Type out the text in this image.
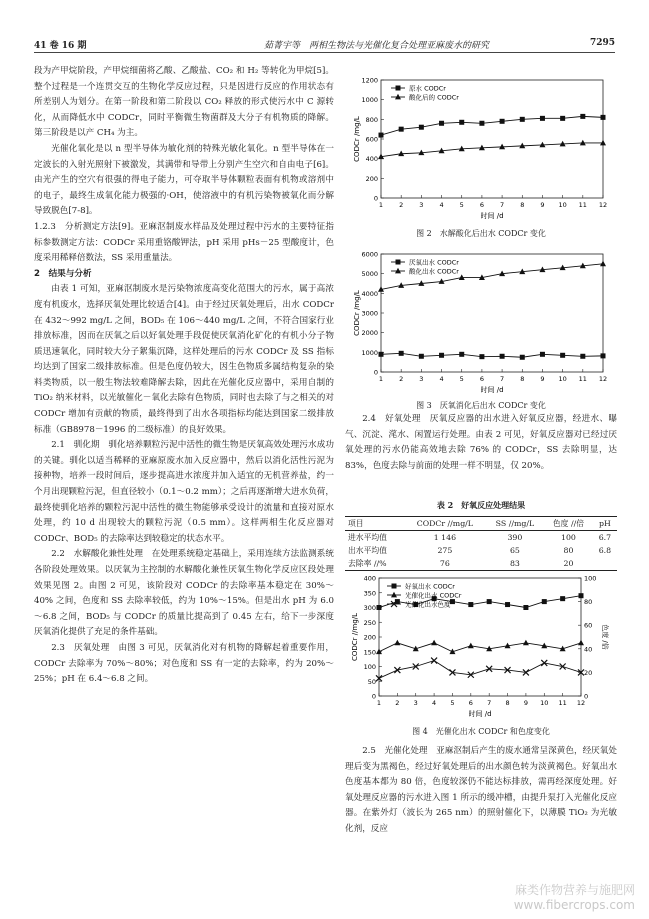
41 卷 16 期	茹菁宇等　两相生物法与光催化复合处理亚麻废水的研究	7295

段为产甲烷阶段，产甲烷细菌将乙酸、乙酸盐、CO₂ 和 H₂ 等转化为甲烷[5]。整个过程是一个连贯交互的生物化学反应过程，只是因进行反应的作用状态有所差别人为划分。在第一阶段和第二阶段以 CO₂ 释放的形式使污水中 C 源转化，从而降低水中 CODCr，同时平衡微生物菌群及大分子有机物质的降解。第三阶段是以产 CH₄ 为主。

光催化氧化是以 n 型半导体为敏化剂的特殊光敏化氧化。n 型半导体在一定波长的入射光照射下被激发，其满带和导带上分别产生空穴和自由电子[6]。由光产生的空穴有很强的得电子能力，可夺取半导体颗粒表面有机物或溶剂中的电子，最终生成氧化能力极强的·OH，使溶液中的有机污染物被氧化而分解导致脱色[7-8]。

1.2.3　分析测定方法[9]。亚麻沤制废水样品及处理过程中污水的主要特征指标参数测定方法：CODCr 采用重铬酸钾法，pH 采用 pHs－25 型酸度计，色度采用稀释倍数法，SS 采用重量法。

2　结果与分析

由表 1 可知，亚麻沤制废水是污染物浓度高变化范围大的污水，属于高浓度有机废水，选择厌氧处理比较适合[4]。由于经过厌氧处理后，出水 CODCr 在 432～992 mg/L 之间，BOD₅ 在 106～440 mg/L 之间，不符合国家行业排放标准，因而在厌氧之后以好氧处理手段促使厌氧消化矿化的有机小分子物质迅速氧化，同时较大分子絮集沉降，这样处理后的污水 CODCr 及 SS 指标均达到了国家二级排放标准。但是色度仍较大，因生色物质多属结构复杂的染料类物质，以一般生物法较难降解去除，因此在光催化反应器中，采用自制的 TiO₂ 纳米材料，以光敏催化－氧化去除有色物质，同时也去除了与之相关的对 CODCr 增加有贡献的物质，最终得到了出水各项指标均能达到国家二级排放标准（GB8978－1996 的二级标准）的良好效果。

2.1　驯化期　驯化培养颗粒污泥中活性的微生物是厌氧高效处理污水成功的关键。驯化以适当稀释的亚麻原废水加入反应器中，然后以消化活性污泥为接种物，培养一段时间后，逐步提高进水浓度并加入适宜的无机营养盐，约一个月出现颗粒污泥，但直径较小（0.1～0.2 mm）；之后再逐渐增大进水负荷，最终使驯化培养的颗粒污泥中活性的微生物能够承受设计的流量和直接对原水处理，约 10 d 出现较大的颗粒污泥（0.5 mm）。这样两相生化反应器对 CODCr、BOD₅ 的去除率达到较稳定的状态水平。

2.2　水解酸化兼性处理　在处理系统稳定基础上，采用连续方法监测系统各阶段处理效果。以厌氧为主控制的水解酸化兼性厌氧生物化学反应区段处理效果见图 2。由图 2 可见，该阶段对 CODCr 的去除率基本稳定在 30%～40% 之间，色度和 SS 去除率较低，约为 10%～15%。但是出水 pH 为 6.0～6.8 之间，BOD₅ 与 CODCr 的质量比提高到了 0.45 左右，给下一步深度厌氧消化提供了充足的条件基础。

2.3　厌氧处理　由图 3 可见，厌氧消化对有机物的降解起着重要作用，CODCr 去除率为 70%～80%；对色度和 SS 有一定的去除率，约为 20%～25%；pH 在 6.4～6.8 之间。

0
200
400
600
800
1000
1200
1 2 3 4 5 6 7 8 9 10 11 12
时间 /d
CODCr /mg/L
原水 CODCr
酸化后的 CODCr
图 2　水解酸化后出水 CODCr 变化
0
1000
2000
3000
4000
5000
6000
1 2 3 4 5 6 7 8 9 10 11 12
时间 /d
CODCr /mg/L
厌氧出水 CODCr
酸化出水 CODCr
图 3　厌氧消化后出水 CODCr 变化

2.4　好氧处理　厌氧反应器的出水进入好氧反应器，经进水、曝气、沉淀、滗水、闲置运行处理。由表 2 可见，好氧反应器对已经过厌氧处理的污水仍能高效地去除 76% 的 CODCr，SS 去除明显，达 83%，色度去除与前面的处理一样不明显，仅 20%。

表 2　好氧反应处理结果
项目	CODCr //mg/L	SS //mg/L	色度 //倍	pH
进水平均值	1 146	390	100	6.7
出水平均值	275	65	80	6.8
去除率 //%	76	83	20	
0
50
100
150
200
250
300
350
400
0
20
40
60
80
100
1 2 3 4 5 6 7 8 9 10 11 12
时间 /d
CODCr //mg/L	色度 /倍
好氧出水 CODCr
光催化出水 CODCr
光催化出水色度
图 4　光催化出水 CODCr 和色度变化

2.5　光催化处理　亚麻沤制后产生的废水通常呈深黄色，经厌氧处理后变为黑褐色，经过好氧处理后的出水颜色转为淡黄褐色。好氧出水色度基本都为 80 倍，色度较深仍不能达标排放，需再经深度处理。好氧处理反应器的污水进入图 1 所示的缓冲槽，由提升泵打入光催化反应器。在紫外灯（波长为 265 nm）的照射催化下，以薄膜 TiO₂ 为光敏化剂，反应

麻类作物营养与施肥网
www.fibercrops.com
